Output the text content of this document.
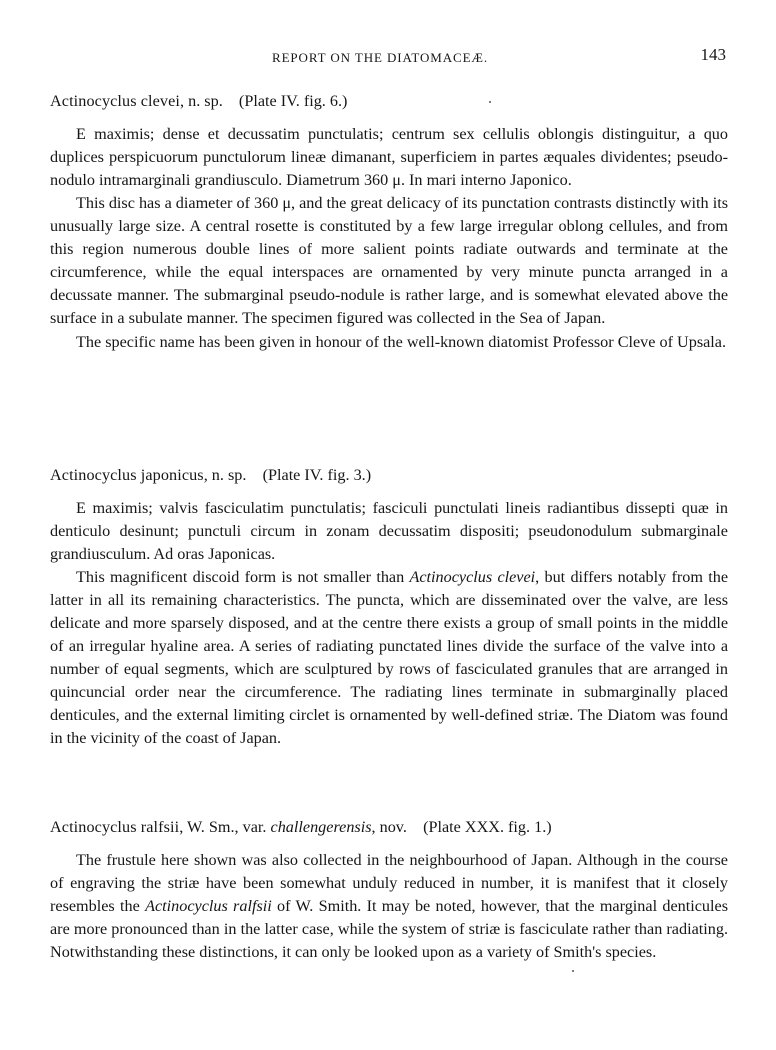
REPORT ON THE DIATOMACEÆ.	143
Actinocyclus clevei, n. sp.    (Plate IV. fig. 6.)

E maximis; dense et decussatim punctulatis; centrum sex cellulis oblongis distinguitur, a quo duplices perspicuorum punctulorum lineæ dimanant, superficiem in partes æquales dividentes; pseudo-nodulo intramarginali grandiusculo. Diametrum 360 μ. In mari interno Japonico.

This disc has a diameter of 360 μ, and the great delicacy of its punctation contrasts distinctly with its unusually large size. A central rosette is constituted by a few large irregular oblong cellules, and from this region numerous double lines of more salient points radiate outwards and terminate at the circumference, while the equal interspaces are ornamented by very minute puncta arranged in a decussate manner. The submarginal pseudo-nodule is rather large, and is somewhat elevated above the surface in a subulate manner. The specimen figured was collected in the Sea of Japan.

The specific name has been given in honour of the well-known diatomist Professor Cleve of Upsala.

Actinocyclus japonicus, n. sp.    (Plate IV. fig. 3.)

E maximis; valvis fasciculatim punctulatis; fasciculi punctulati lineis radiantibus dissepti quæ in denticulo desinunt; punctuli circum in zonam decussatim dispositi; pseudonodulum submarginale grandiusculum. Ad oras Japonicas.

This magnificent discoid form is not smaller than Actinocyclus clevei, but differs notably from the latter in all its remaining characteristics. The puncta, which are disseminated over the valve, are less delicate and more sparsely disposed, and at the centre there exists a group of small points in the middle of an irregular hyaline area. A series of radiating punctated lines divide the surface of the valve into a number of equal segments, which are sculptured by rows of fasciculated granules that are arranged in quincuncial order near the circumference. The radiating lines terminate in submarginally placed denticules, and the external limiting circlet is ornamented by well-defined striæ. The Diatom was found in the vicinity of the coast of Japan.

Actinocyclus ralfsii, W. Sm., var. challengerensis, nov.    (Plate XXX. fig. 1.)

The frustule here shown was also collected in the neighbourhood of Japan. Although in the course of engraving the striæ have been somewhat unduly reduced in number, it is manifest that it closely resembles the Actinocyclus ralfsii of W. Smith. It may be noted, however, that the marginal denticules are more pronounced than in the latter case, while the system of striæ is fasciculate rather than radiating. Notwithstanding these distinctions, it can only be looked upon as a variety of Smith's species.
